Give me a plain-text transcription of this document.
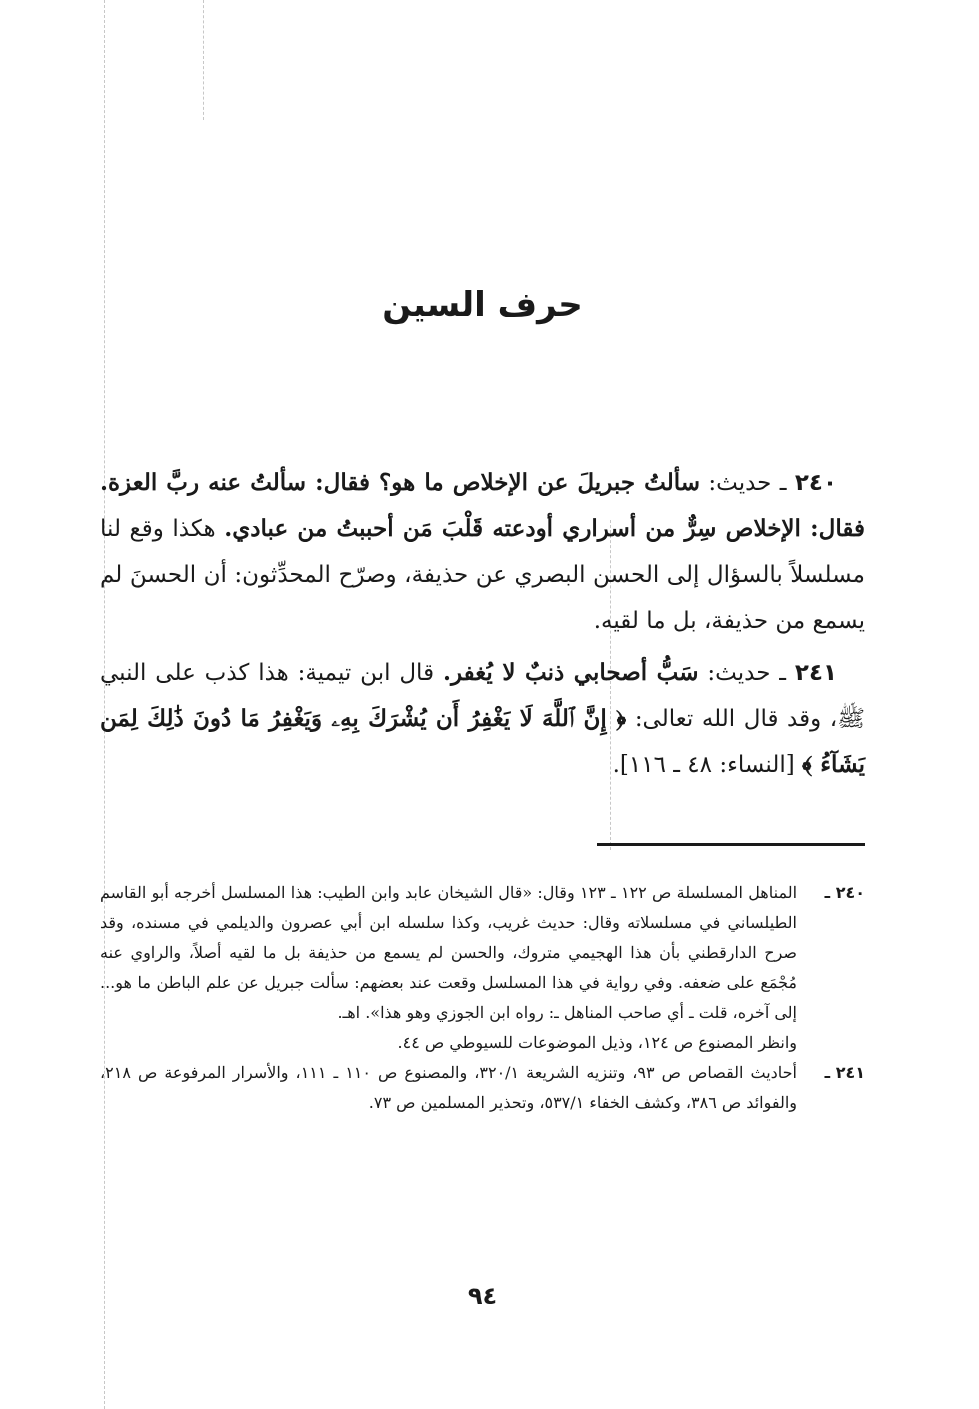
حرف السين

٢٤٠ ـ حديث: سألتُ جبريلَ عن الإخلاص ما هو؟ فقال: سألتُ عنه ربَّ العزة. فقال: الإخلاص سِرٌّ من أسراري أودعته قَلْبَ مَن أحببتُ من عبادي. هكذا وقع لنا مسلسلاً بالسؤال إلى الحسن البصري عن حذيفة، وصرّح المحدِّثون: أن الحسنَ لم يسمع من حذيفة، بل ما لقيه.

٢٤١ ـ حديث: سَبُّ أصحابي ذنبٌ لا يُغفر. قال ابن تيمية: هذا كذب على النبي ﷺ، وقد قال الله تعالى: ﴿ إِنَّ ٱللَّهَ لَا يَغْفِرُ أَن يُشْرَكَ بِهِۦ وَيَغْفِرُ مَا دُونَ ذَٰلِكَ لِمَن يَشَآءُ ﴾ [النساء: ٤٨ ـ ١١٦].

٢٤٠ ـ
المناهل المسلسلة ص ١٢٢ ـ ١٢٣ وقال: «قال الشيخان عابد وابن الطيب: هذا المسلسل أخرجه أبو القاسم الطيلساني في مسلسلاته وقال: حديث غريب، وكذا سلسله ابن أبي عصرون والديلمي في مسنده، وقد صرح الدارقطني بأن هذا الهجيمي متروك، والحسن لم يسمع من حذيفة بل ما لقيه أصلاً، والراوي عنه مُجْمَع على ضعفه. وفي رواية في هذا المسلسل وقعت عند بعضهم: سألت جبريل عن علم الباطن ما هو... إلى آخره، قلت ـ أي صاحب المناهل ـ: رواه ابن الجوزي وهو هذا». اهـ.

وانظر المصنوع ص ١٢٤، وذيل الموضوعات للسيوطي ص ٤٤.

٢٤١ ـ
أحاديث القصاص ص ٩٣، وتنزيه الشريعة ٣٢٠/١، والمصنوع ص ١١٠ ـ ١١١، والأسرار المرفوعة ص ٢١٨، والفوائد ص ٣٨٦، وكشف الخفاء ٥٣٧/١، وتحذير المسلمين ص ٧٣.

٩٤
